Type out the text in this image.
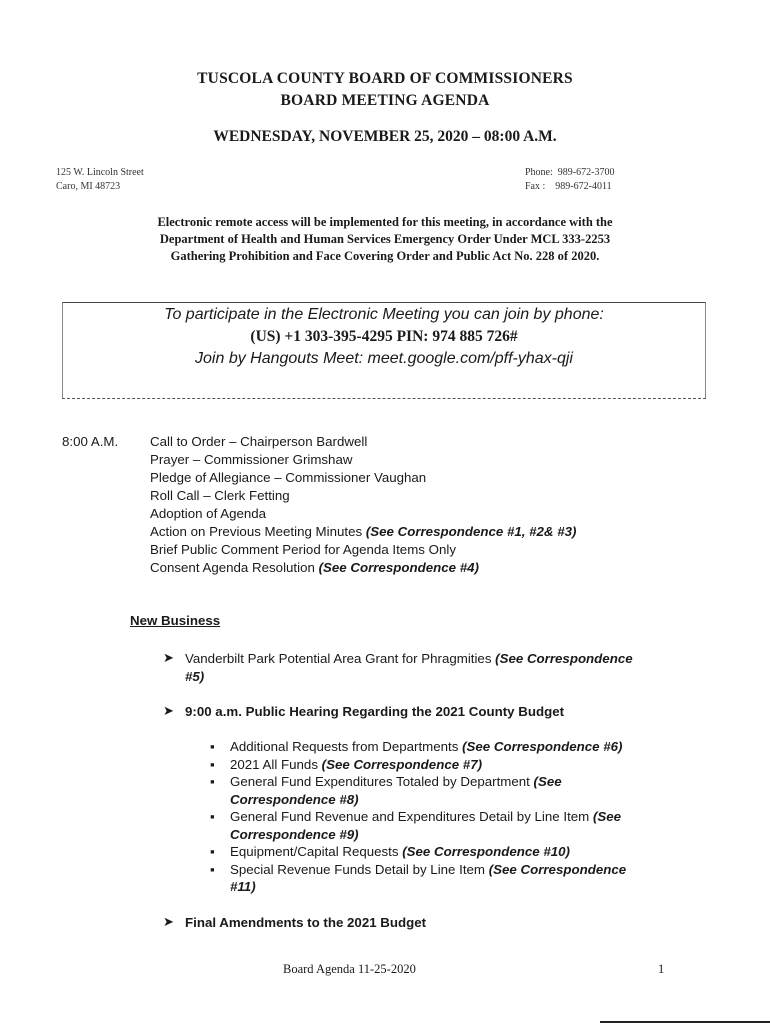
TUSCOLA COUNTY BOARD OF COMMISSIONERS
BOARD MEETING AGENDA
WEDNESDAY, NOVEMBER 25, 2020 – 08:00 A.M.
125 W. Lincoln Street
Caro, MI 48723
Phone: 989-672-3700
Fax : 989-672-4011
Electronic remote access will be implemented for this meeting, in accordance with the
Department of Health and Human Services Emergency Order Under MCL 333-2253
Gathering Prohibition and Face Covering Order and Public Act No. 228 of 2020.
To participate in the Electronic Meeting you can join by phone:
(US) +1 303-395-4295 PIN: 974 885 726#
Join by Hangouts Meet: meet.google.com/pff-yhax-qji
8:00 A.M. Call to Order – Chairperson Bardwell
Prayer – Commissioner Grimshaw
Pledge of Allegiance – Commissioner Vaughan
Roll Call – Clerk Fetting
Adoption of Agenda
Action on Previous Meeting Minutes (See Correspondence #1, #2& #3)
Brief Public Comment Period for Agenda Items Only
Consent Agenda Resolution (See Correspondence #4)
New Business
➤ Vanderbilt Park Potential Area Grant for Phragmities (See Correspondence
#5)
➤ 9:00 a.m. Public Hearing Regarding the 2021 County Budget
▪ Additional Requests from Departments (See Correspondence #6)
▪ 2021 All Funds (See Correspondence #7)
▪ General Fund Expenditures Totaled by Department (See
Correspondence #8)
▪ General Fund Revenue and Expenditures Detail by Line Item (See
Correspondence #9)
▪ Equipment/Capital Requests (See Correspondence #10)
▪ Special Revenue Funds Detail by Line Item (See Correspondence
#11)
➤ Final Amendments to the 2021 Budget
Board Agenda 11-25-2020	1
